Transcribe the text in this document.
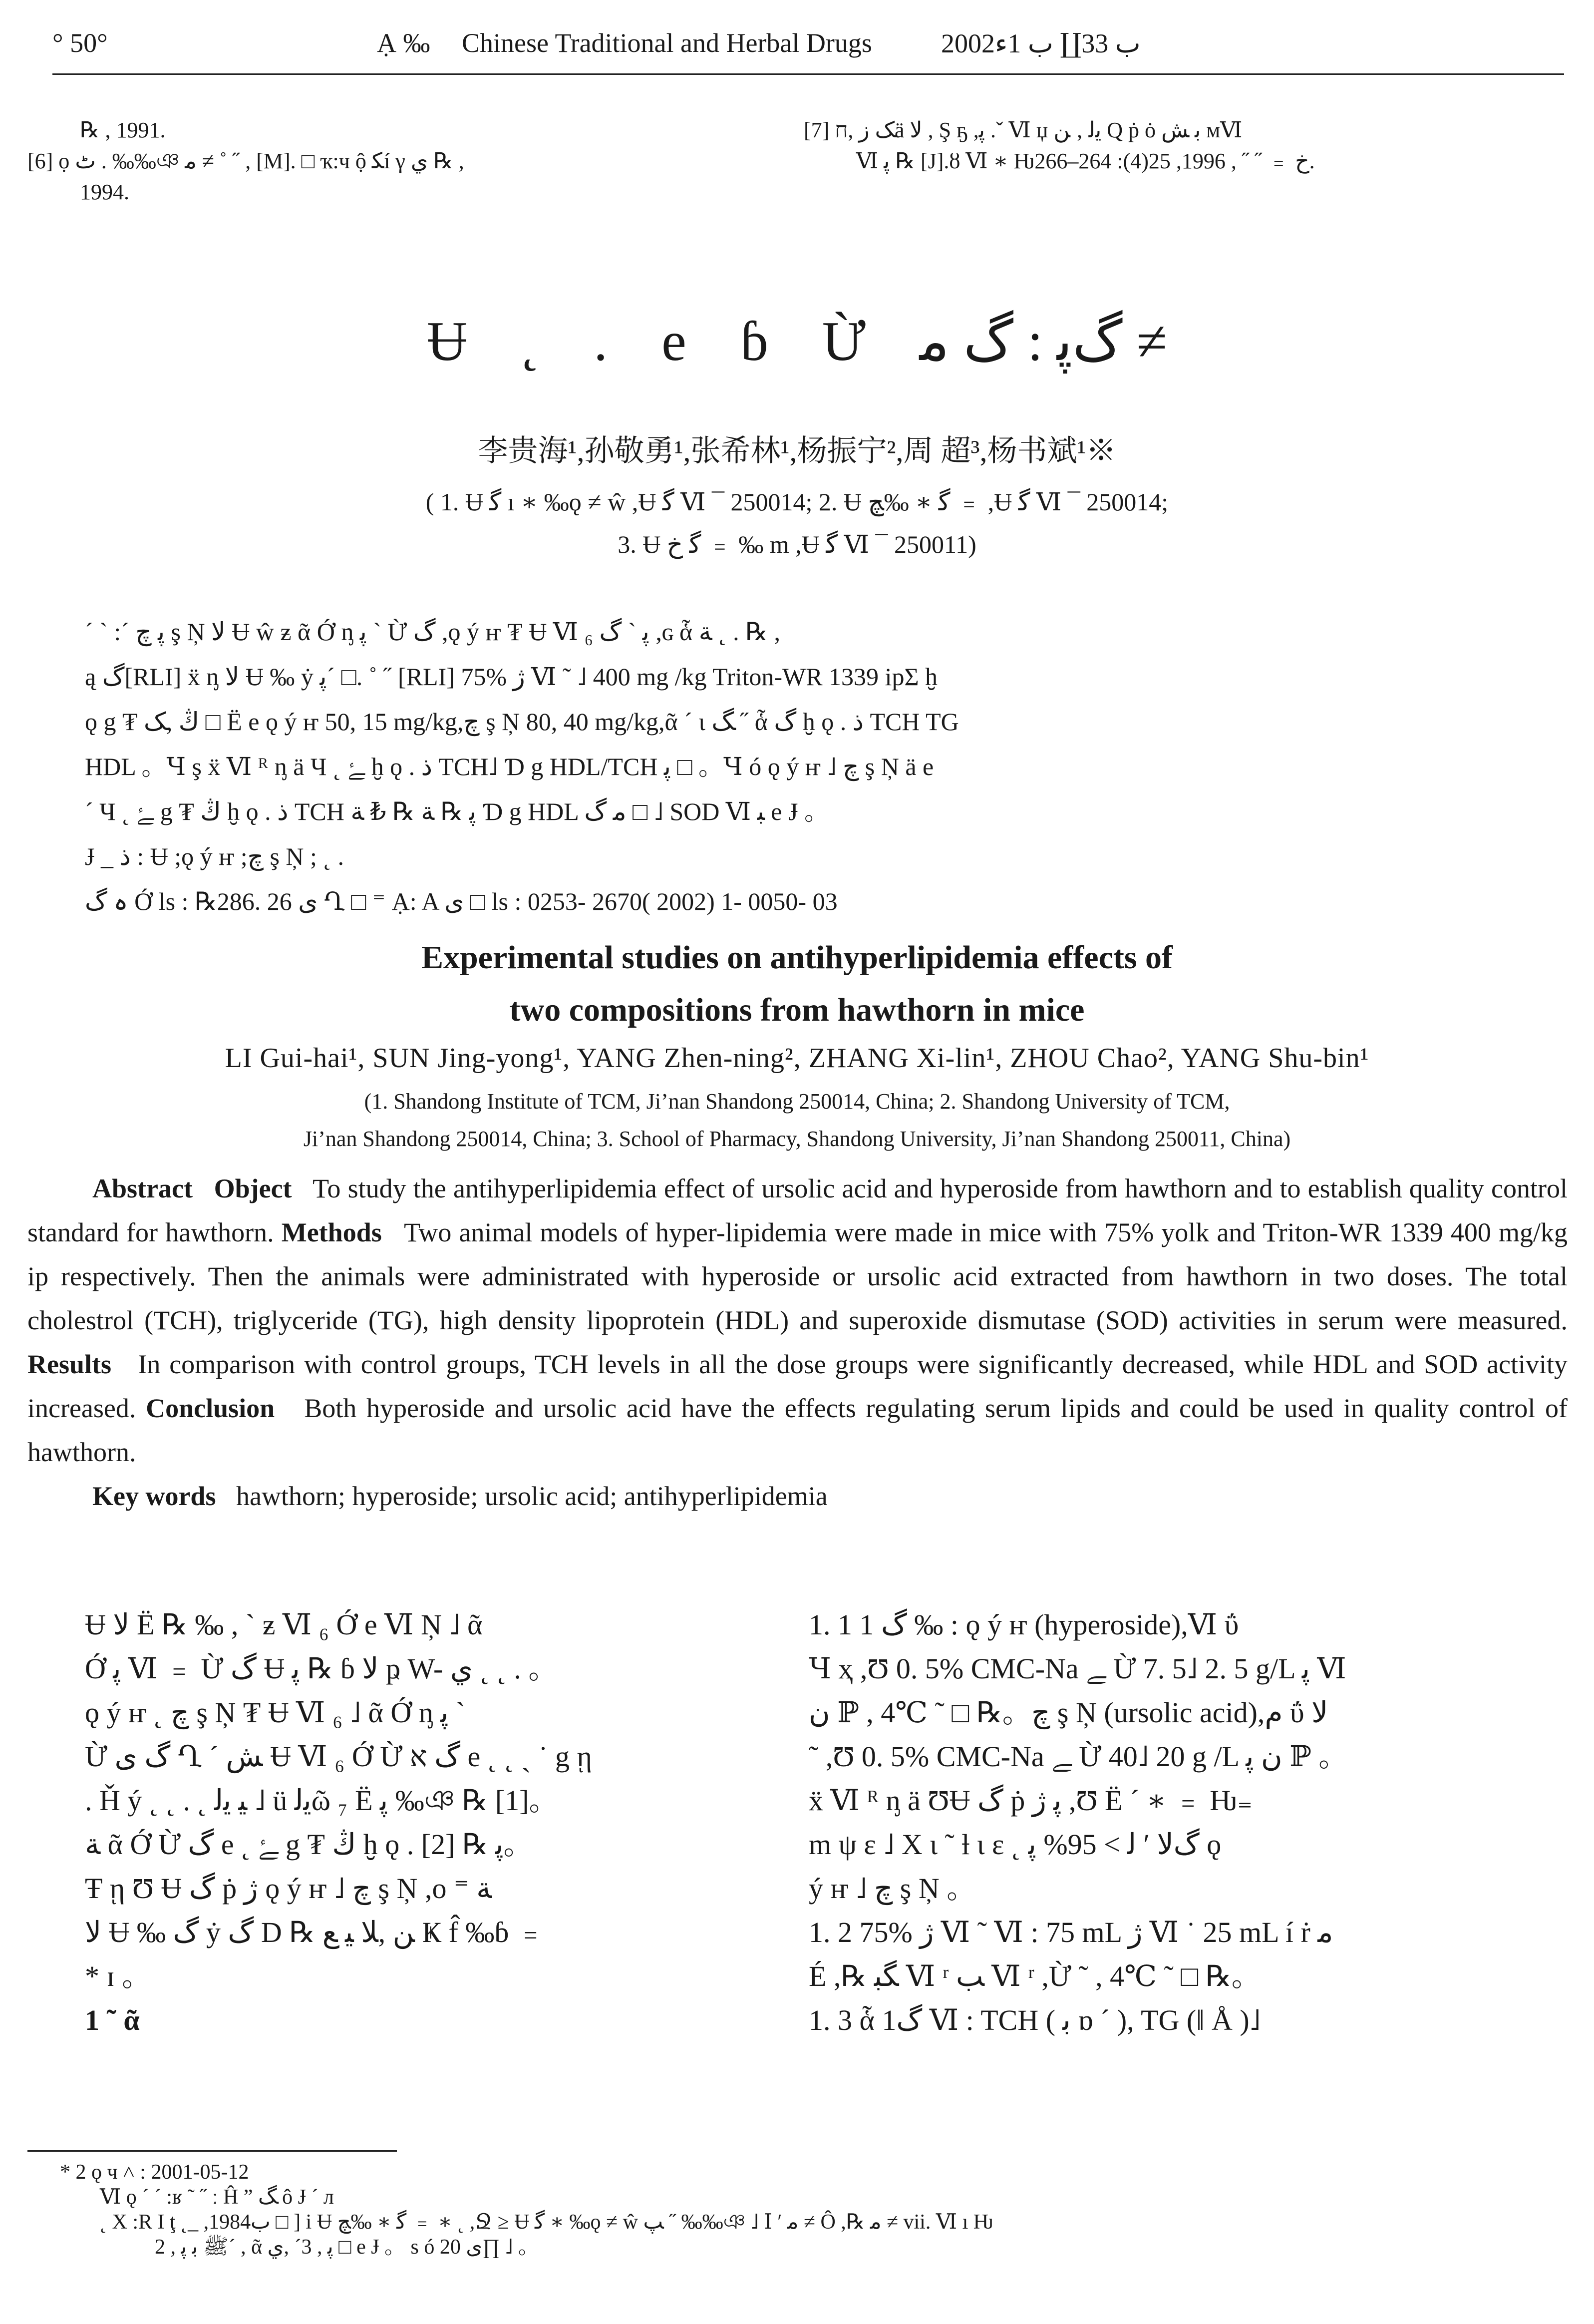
° 50°	Ạ ‰ Chinese Traditional and Herbal Drugs	2002ب 33∐ ب 1ء
℞ , 1991.
[6] ọ ٹ . ‰‰ঞ ﻣ ≠ ˚ ˝ , [M]. □ ҡ:ч ộ ﮑí γ ي ℞ ,
1994.
[7] ﮏ ز ,חä ﻻ , Ş ҕ ,ﭘ .ˇ Ⅵ џ ﻳﻟ ‚ ﻦ Q ṗ ȯ ﺑ ﺶ мⅥ
Ⅵ ﭘ ℞ [J].ȣ Ⅵ ∗ Ƕﺥ ﹦ ˝ ˝ , 1996, 25(4): 264–266.
Ʉ ˛ . e ɓ Ừ ﮒﭘ : ﮒ ﻣ ≠
李贵海¹,孙敬勇¹,张希林¹,杨振宁²,周 超³,杨书斌¹※
( 1. Ʉ ﮔ ı ∗ ‰ǫ ≠ ŵ ,Ʉ ﮔ Ⅵ ¯ 250014; 2. Ʉ ﮔ ∗ ‰ﭻ ﹦ ,Ʉ ﮔ Ⅵ ¯ 250014;
3. Ʉ ﮔ ﺥ ﹦ ‰ m ,Ʉ ﮔ Ⅵ ¯ 250011)
ˊ ˋ :ˊ ﭘ ﭺ ş Ņ ﻻ Ʉ ŵ ƶ ᾶ Ớ ᶇ ﭘ ˋ Ừ ﮒ ,ǫ ý ҥ ₮ Ʉ Ⅵ ₆ ﭘ ˋ ﮒ ,ɢ ἇ ﺔ ˛ . ℞ ,
ą ﮒ[RLI] ẍ ᶇ ﻻ Ʉ ‰ ẏ ﭘˊ □. ˚ ˝ [RLI] 75% ﮊ Ⅵ ˜ ˩ 400 mg /kg Triton-WR 1339 ipΣ ḫ
ǫ g ₮ ﯓ ,ﮏ □ Ё e ǫ ý ҥ 50, 15 mg/kg,ﭺ ş Ņ 80, 40 mg/kg,ᾶ ˊ ι ﮓ ˝ ἇ ﮒ ḫ ǫ . ﺫ TCH TG
HDL 。Ɥ ş ẍ Ⅵ ᴿ ᶇ ä Ч ˛ ﮱ ḫ ǫ . ﺫ TCH˩ Ɗ g HDL/TCH ﭘ □ 。Ɥ ó ǫ ý ҥ ˩ ﭺ ş Ņ ä e
ˊ Ч ˛ ﮱ g ₮ ﯓ ḫ ǫ . ﺫ TCH ﭘ ℞ ﺔ ℞ ₺ ﺔ Ɗ g HDL ﻣ ﮒ □ ˩ SOD Ⅵ ﺒ e Ɉ 。
Ɉ _ ﺫ : Ʉ ;ǫ ý ҥ ;ﭺ ş Ņ ; ˛ .
ہ ﮒ Ớ ls : ℞286. 26 ى Ղ □ ⁼ Ạ: A ى □ ls : 0253- 2670( 2002) 1- 0050- 03
Experimental studies on antihyperlipidemia effects of
two compositions from hawthorn in mice
LI Gui-hai¹, SUN Jing-yong¹, YANG Zhen-ning², ZHANG Xi-lin¹, ZHOU Chao², YANG Shu-bin¹
(1. Shandong Institute of TCM, Ji’nan Shandong 250014, China; 2. Shandong University of TCM,
Ji’nan Shandong 250014, China; 3. School of Pharmacy, Shandong University, Ji’nan Shandong 250011, China)

Abstract Object To study the antihyperlipidemia effect of ursolic acid and hyperoside from hawthorn and to establish quality control standard for hawthorn. Methods Two animal models of hyper-lipidemia were made in mice with 75% yolk and Triton-WR 1339 400 mg/kg ip respectively. Then the animals were administrated with hyperoside or ursolic acid extracted from hawthorn in two doses. The total cholestrol (TCH), triglyceride (TG), high density lipoprotein (HDL) and superoxide dismutase (SOD) activities in serum were measured. Results In comparison with control groups, TCH levels in all the dose groups were significantly decreased, while HDL and SOD activity increased. Conclusion Both hyperoside and ursolic acid have the effects regulating serum lipids and could be used in quality control of hawthorn.

Key words hawthorn; hyperoside; ursolic acid; antihyperlipidemia

Ʉ ﻻ Ё ℞ ‰ , ˋ ƶ Ⅵ ₆ Ớ e Ⅵ Ņ ˩ ᾶ
Ớ ﭘ Ⅵ ﹦ Ừ ﮒ Ʉ ﭘ ℞ ɓ ﻻ ҏ W- ي ˛ ˛ . 。
ǫ ý ҥ ˛ ﭺ ş Ņ ₮ Ʉ Ⅵ ₆ ˩ ᾶ Ớ ᶇ ﭘ ˋ
Ừ ﮒ ى Ղ ˊ ﺶ Ʉ Ⅵ ₆ Ớ Ừ ﮒ ﬡ e ˛ ˛ ˏ ˙ g ῃ
. Ȟ ý ˛ ˛ . ˛ ﻴ ﻳﻟ ˩ ü ﻳﻟῶ ₇ Ё ﭘ ‰ঞ ℞ [1]。
ﺔ ᾶ Ớ Ừ ﮒ e ˛ ﮱ g ₮ ﯓ ḫ ǫ . ﭘ ℞ [2]。
Ŧ ῃ Ʊ Ʉ ﮒ ṗ ﮊ ǫ ý ҥ ˩ ﭺ ş Ņ ,o ⁼ ﺔ
ﻻ Ʉ ‰ ﮒ ẏ ﮒ D ℞ ﻦ ,ﻼ ﻴ ﻊ Ҝ f̂ ‰ɓ ﹦
* ɪ 。
1 ˜ ᾶ
1. 1 1 ﮒ ‰ : ǫ ý ҥ (hyperoside),Ⅵ ΰ
Ɥ ҳ ,Ʊ 0. 5% CMC-Na ﮯ Ừ 7. 5˩ 2. 5 g/L ﭘ Ⅵ
ﻥ ℙ , 4℃ ˜ □ ℞。ﭺ ş Ņ (ursolic acid),ﻡ ΰ ﻻ
˜ ,Ʊ 0. 5% CMC-Na ﮯ Ừ 40˩ 20 g /L ﻥ ﭘ ℙ 。
ẍ Ⅵ ᴿ ᶇ ä ƱɄ ﮒ ṗ ﭘ ﮊ ,Ʊ Ё ˊ ∗ ﹦ Ƕ₌
m ψ ɛ ˩ Χ ι ˜ ƚ ι ɛ ˛ ﮒﻻ ʹ ﻟ > 95% ﭘ ǫ
ý ҥ ˩ ﭺ ş Ņ 。
1. 2 75% ﮊ Ⅵ ˜ Ⅵ : 75 mL ﮊ Ⅵ ˙ 25 mL í ṙ ﻣ
É ,℞ ﮕﺒ Ⅵ ʳ ﺐ Ⅵ ʳ ,Ừ ˜ , 4℃ ˜ □ ℞。
1. 3 ἇ ﮒ1 Ⅵ : TCH ( ﺑ ɒ ˊ ), TG (‖ Å )˩
* 2 ǫ ч ˄ : 2001-05-12
Ⅵ ǫ ˊ ˊ :ʁ ˜ ˝ ː Ĥ ” ﮓ ô Ɉ ˊ л
˛ X :R Ι ţ ˛_ ,1984ب □ ] i Ʉ ﮔ ∗ ‰ﭻ ﹦ ∗ ˛ ,Ջ ≥ Ʉ ﮔ ∗ ‰ǫ ≠ ŵ ﭗ ˝ ‰‰ঞ ˩ Ⅰ ʹ ﻣ ≠ Ô ,℞ ﻣ ≠ vii. Ⅵ ı Ƕ
ﷺ ﺑ ﭘ , 2ˊ , ᾶ ﭘ , 3ˊ ,ي □ e Ɉ 。 s ó ى 20∏ ˩ 。
